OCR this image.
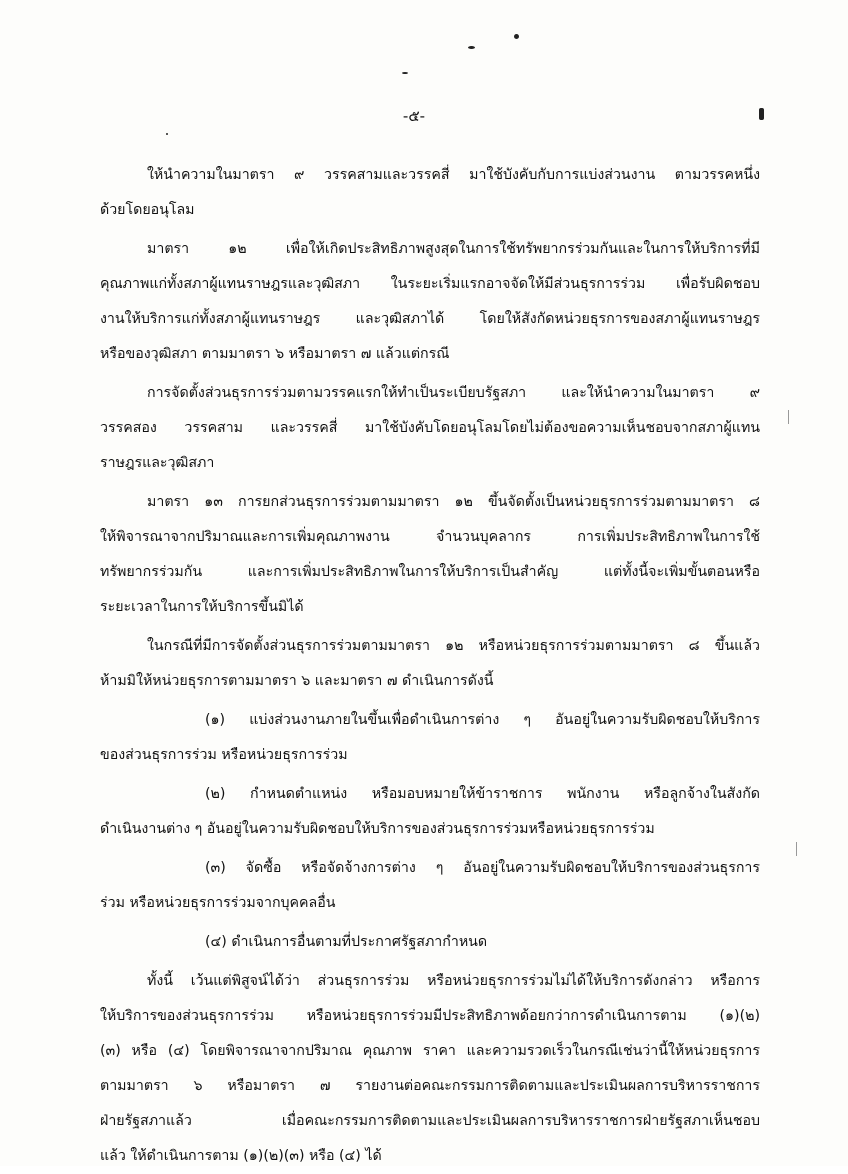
-๕-
ให้นำความในมาตรา ๙ วรรคสามและวรรคสี่ มาใช้บังคับกับการแบ่งส่วนงาน ตามวรรคหนึ่ง
ด้วยโดยอนุโลม
มาตรา ๑๒ เพื่อให้เกิดประสิทธิภาพสูงสุดในการใช้ทรัพยากรร่วมกันและในการให้บริการที่มี
คุณภาพแก่ทั้งสภาผู้แทนราษฎรและวุฒิสภา ในระยะเริ่มแรกอาจจัดให้มีส่วนธุรการร่วม เพื่อรับผิดชอบ
งานให้บริการแก่ทั้งสภาผู้แทนราษฎร และวุฒิสภาได้ โดยให้สังกัดหน่วยธุรการของสภาผู้แทนราษฎร
หรือของวุฒิสภา ตามมาตรา ๖ หรือมาตรา ๗ แล้วแต่กรณี
การจัดตั้งส่วนธุรการร่วมตามวรรคแรกให้ทำเป็นระเบียบรัฐสภา และให้นำความในมาตรา ๙
วรรคสอง วรรคสาม และวรรคสี่ มาใช้บังคับโดยอนุโลมโดยไม่ต้องขอความเห็นชอบจากสภาผู้แทน
ราษฎรและวุฒิสภา
มาตรา ๑๓ การยกส่วนธุรการร่วมตามมาตรา ๑๒ ขึ้นจัดตั้งเป็นหน่วยธุรการร่วมตามมาตรา ๘
ให้พิจารณาจากปริมาณและการเพิ่มคุณภาพงาน จำนวนบุคลากร การเพิ่มประสิทธิภาพในการใช้
ทรัพยากรร่วมกัน และการเพิ่มประสิทธิภาพในการให้บริการเป็นสำคัญ แต่ทั้งนี้จะเพิ่มขั้นตอนหรือ
ระยะเวลาในการให้บริการขึ้นมิได้
ในกรณีที่มีการจัดตั้งส่วนธุรการร่วมตามมาตรา ๑๒ หรือหน่วยธุรการร่วมตามมาตรา ๘ ขึ้นแล้ว
ห้ามมิให้หน่วยธุรการตามมาตรา ๖ และมาตรา ๗ ดำเนินการดังนี้
(๑) แบ่งส่วนงานภายในขึ้นเพื่อดำเนินการต่าง ๆ อันอยู่ในความรับผิดชอบให้บริการ
ของส่วนธุรการร่วม หรือหน่วยธุรการร่วม
(๒) กำหนดตำแหน่ง หรือมอบหมายให้ข้าราชการ พนักงาน หรือลูกจ้างในสังกัด
ดำเนินงานต่าง ๆ อันอยู่ในความรับผิดชอบให้บริการของส่วนธุรการร่วมหรือหน่วยธุรการร่วม
(๓) จัดซื้อ หรือจัดจ้างการต่าง ๆ อันอยู่ในความรับผิดชอบให้บริการของส่วนธุรการ
ร่วม หรือหน่วยธุรการร่วมจากบุคคลอื่น
(๔) ดำเนินการอื่นตามที่ประกาศรัฐสภากำหนด
ทั้งนี้ เว้นแต่พิสูจน์ได้ว่า ส่วนธุรการร่วม หรือหน่วยธุรการร่วมไม่ได้ให้บริการดังกล่าว หรือการ
ให้บริการของส่วนธุรการร่วม หรือหน่วยธุรการร่วมมีประสิทธิภาพด้อยกว่าการดำเนินการตาม (๑)(๒)
(๓) หรือ (๔) โดยพิจารณาจากปริมาณ คุณภาพ ราคา และความรวดเร็วในกรณีเช่นว่านี้ให้หน่วยธุรการ
ตามมาตรา ๖ หรือมาตรา ๗ รายงานต่อคณะกรรมการติดตามและประเมินผลการบริหารราชการ
ฝ่ายรัฐสภาแล้ว เมื่อคณะกรรมการติดตามและประเมินผลการบริหารราชการฝ่ายรัฐสภาเห็นชอบ
แล้ว ให้ดำเนินการตาม (๑)(๒)(๓) หรือ (๔) ได้
